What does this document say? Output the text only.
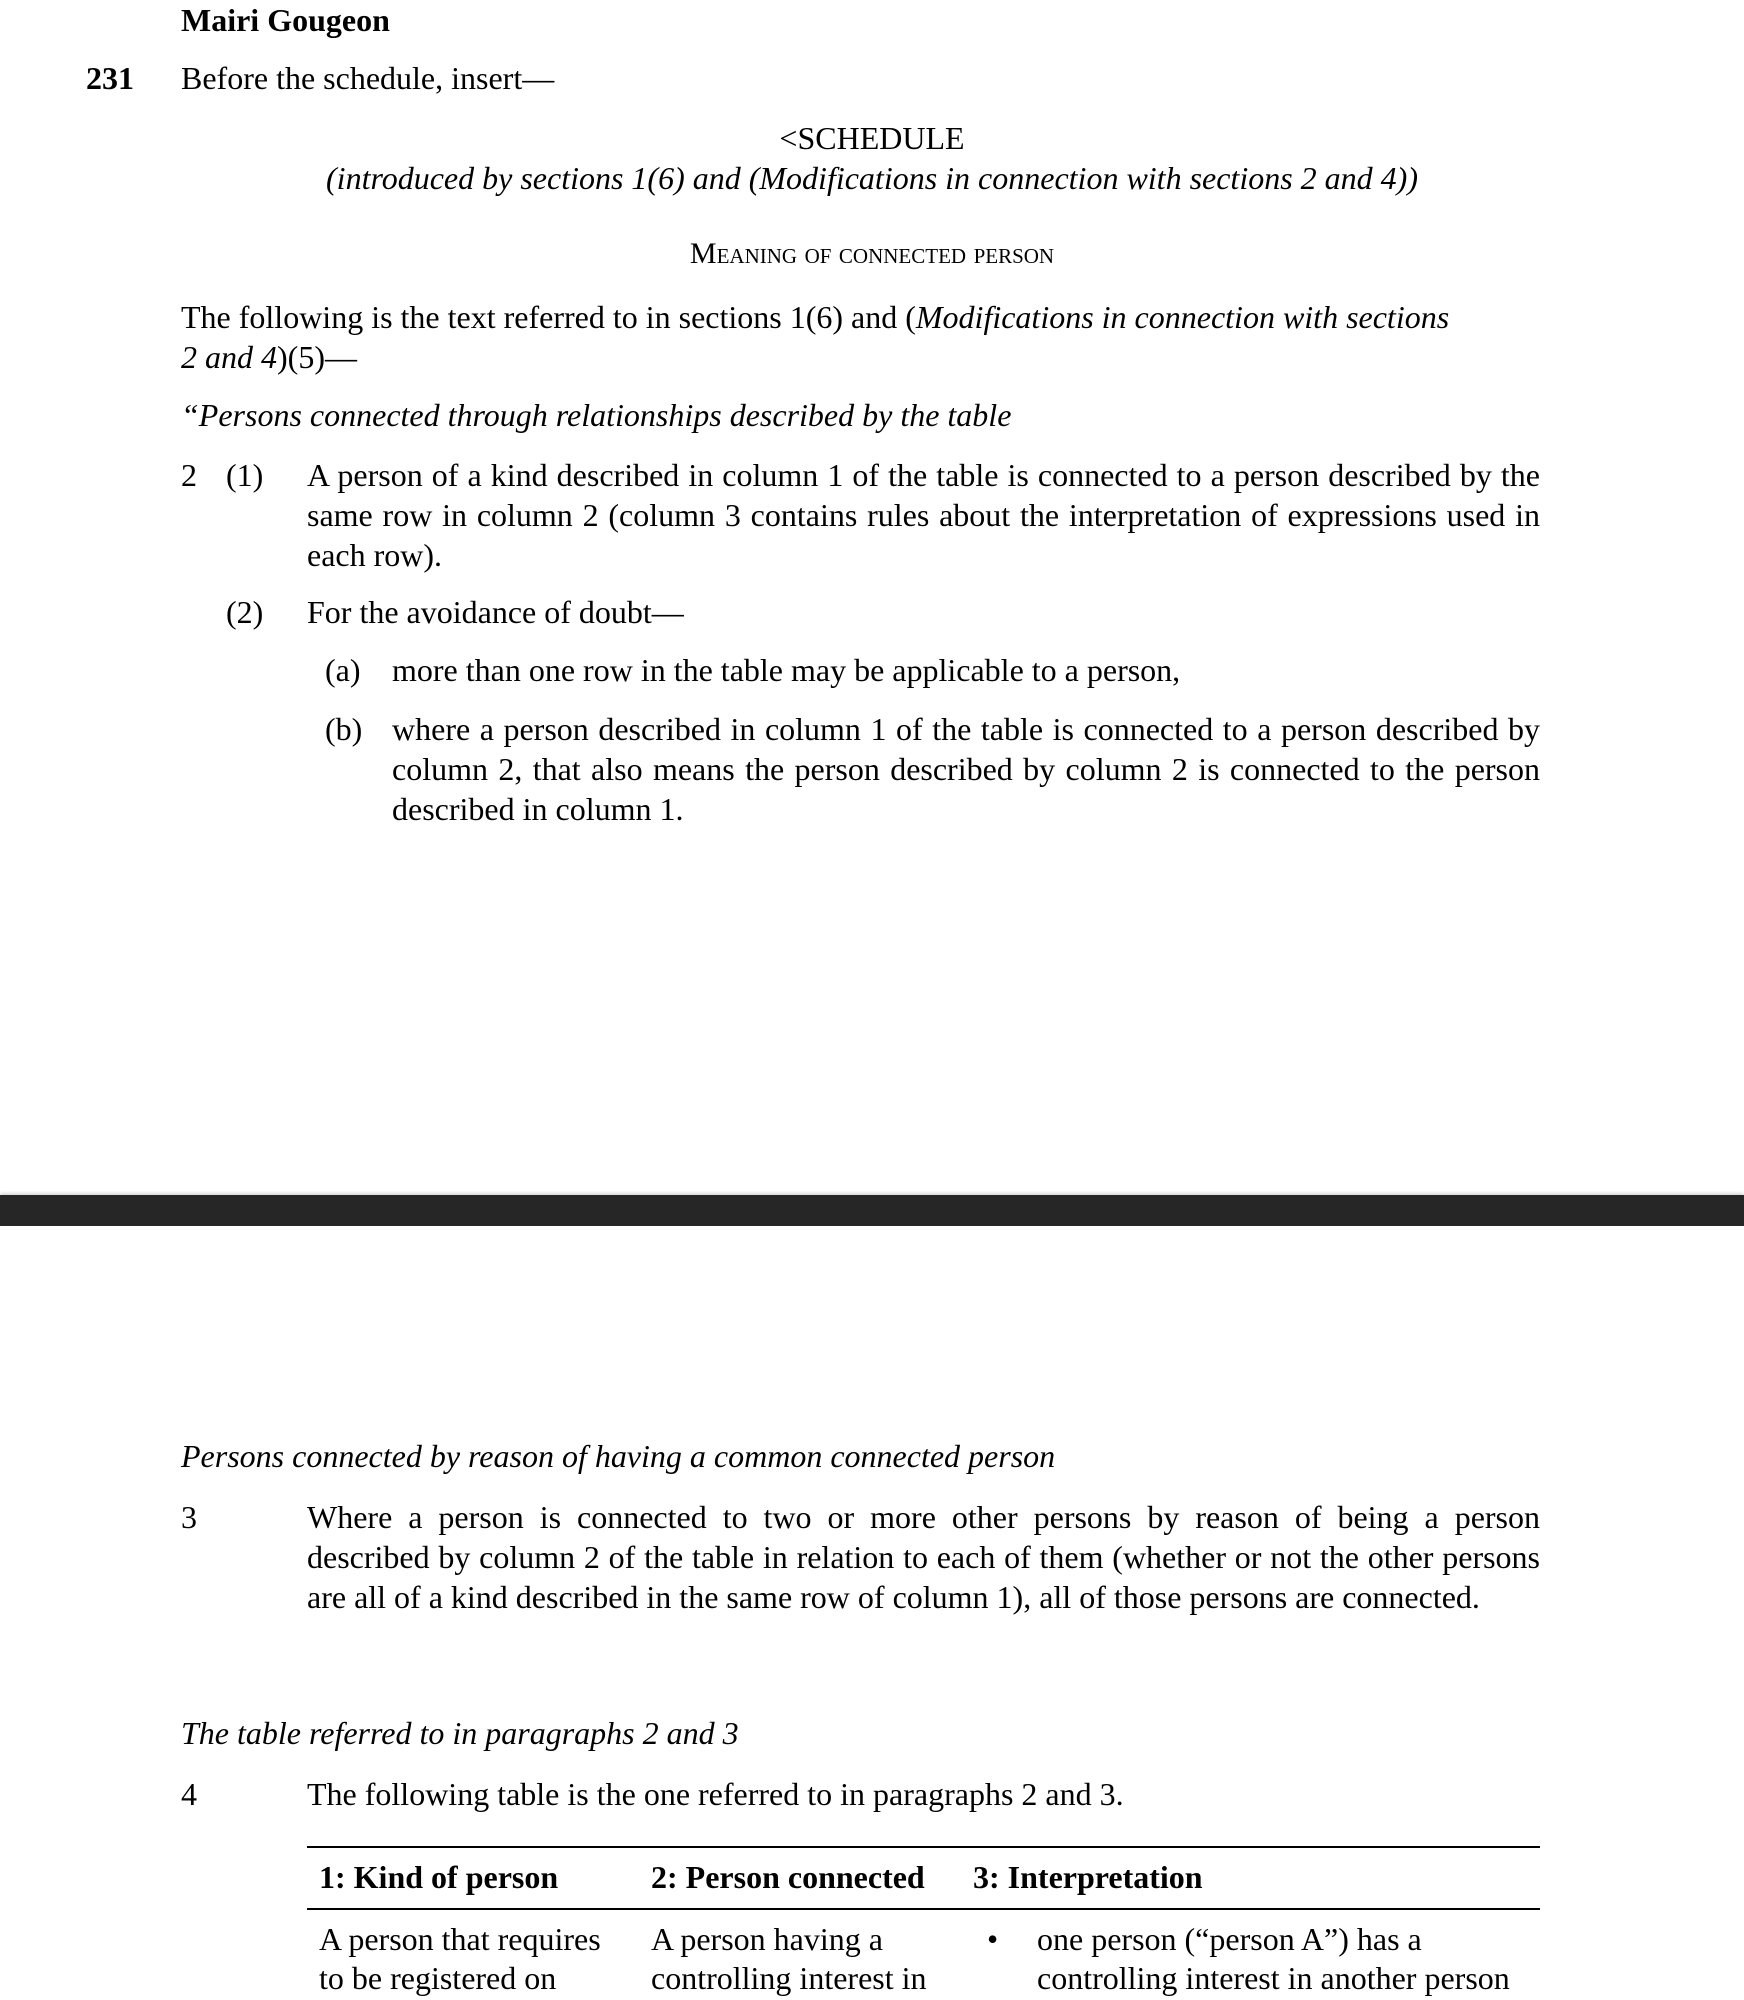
Mairi Gougeon
231 Before the schedule, insert—
<SCHEDULE
(introduced by sections 1(6) and (Modifications in connection with sections 2 and 4))
Meaning of connected person
The following is the text referred to in sections 1(6) and (Modifications in connection with sections
2 and 4)(5)—
“Persons connected through relationships described by the table
2 (1) A person of a kind described in column 1 of the table is connected to a person described by the same row in column 2 (column 3 contains rules about the interpretation of expressions used in each row).
(2) For the avoidance of doubt—
(a) more than one row in the table may be applicable to a person,
(b) where a person described in column 1 of the table is connected to a person described by column 2, that also means the person described by column 2 is connected to the person described in column 1.
Persons connected by reason of having a common connected person
3	Where a person is connected to two or more other persons by reason of being a person described by column 2 of the table in relation to each of them (whether or not the other persons are all of a kind described in the same row of column 1), all of those persons are connected.
The table referred to in paragraphs 2 and 3
4	The following table is the one referred to in paragraphs 2 and 3.
1: Kind of person	2: Person connected	3: Interpretation
A person that requires to be registered on	A person having a controlling interest in	• one person (“person A”) has a controlling interest in another person
